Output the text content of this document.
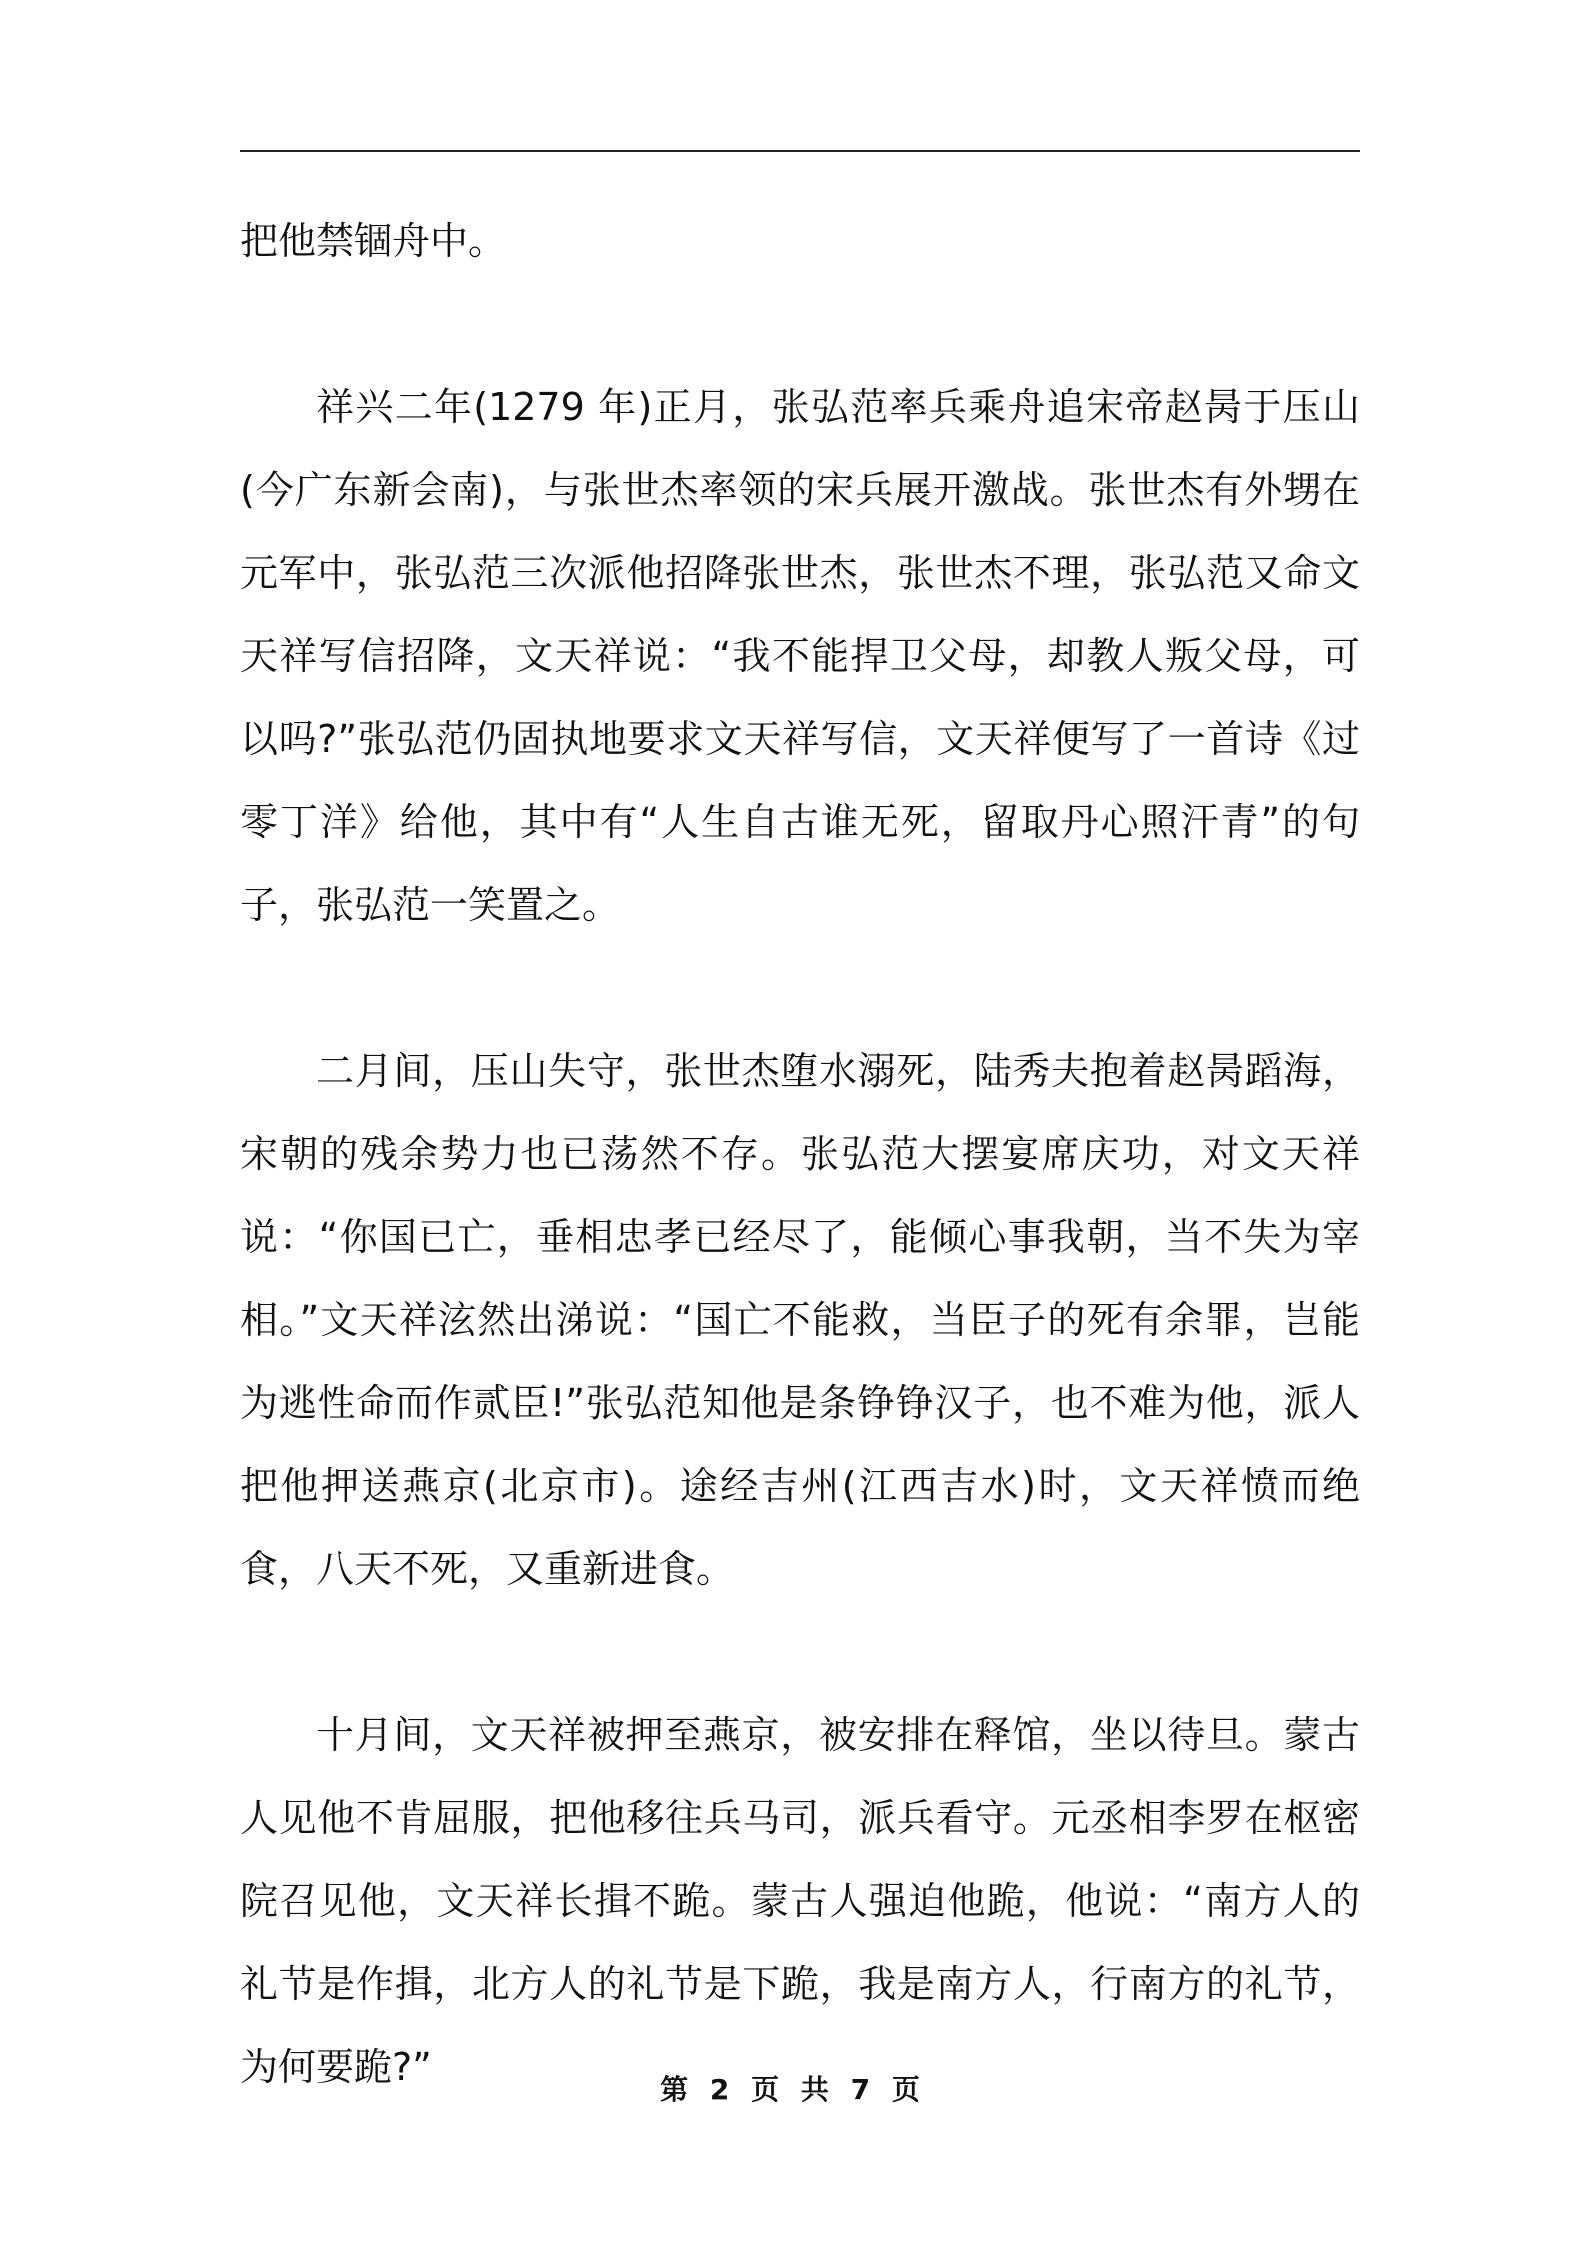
把他禁锢舟中。

祥兴二年(1279 年)正月，张弘范率兵乘舟追宋帝赵昺于压山(今广东新会南)，与张世杰率领的宋兵展开激战。张世杰有外甥在元军中，张弘范三次派他招降张世杰，张世杰不理，张弘范又命文天祥写信招降，文天祥说：“我不能捍卫父母，却教人叛父母，可以吗?”张弘范仍固执地要求文天祥写信，文天祥便写了一首诗《过零丁洋》给他，其中有“人生自古谁无死，留取丹心照汗青”的句子，张弘范一笑置之。

二月间，压山失守，张世杰堕水溺死，陆秀夫抱着赵昺蹈海，宋朝的残余势力也已荡然不存。张弘范大摆宴席庆功，对文天祥说：“你国已亡，垂相忠孝已经尽了，能倾心事我朝，当不失为宰相。”文天祥泫然出涕说：“国亡不能救，当臣子的死有余罪，岂能为逃性命而作贰臣!”张弘范知他是条铮铮汉子，也不难为他，派人把他押送燕京(北京市)。途经吉州(江西吉水)时，文天祥愤而绝食，八天不死，又重新进食。

十月间，文天祥被押至燕京，被安排在释馆，坐以待旦。蒙古人见他不肯屈服，把他移往兵马司，派兵看守。元丞相李罗在枢密院召见他，文天祥长揖不跪。蒙古人强迫他跪，他说：“南方人的礼节是作揖，北方人的礼节是下跪，我是南方人，行南方的礼节，为何要跪?”

第 2 页 共 7 页
